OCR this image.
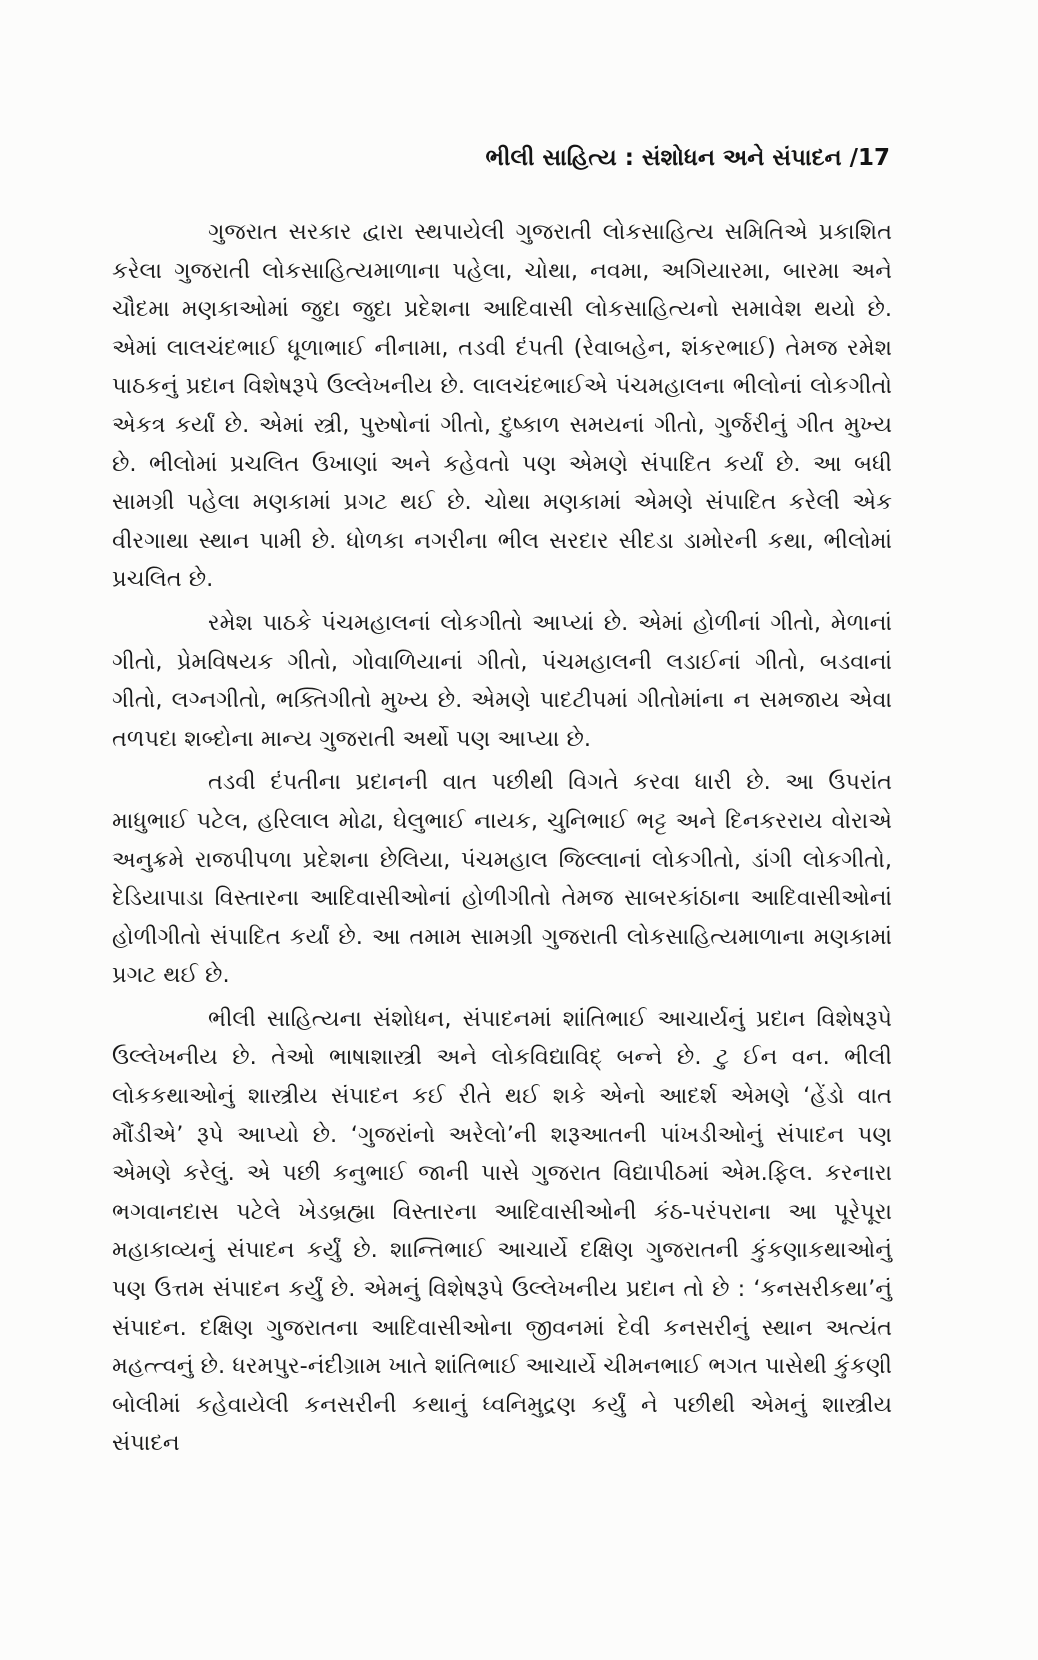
ભીલી સાહિત્ય : સંશોધન અને સંપાદન /17

ગુજરાત સરકાર દ્વારા સ્થપાયેલી ગુજરાતી લોકસાહિત્ય સમિતિએ પ્રકાશિત કરેલા ગુજરાતી લોકસાહિત્યમાળાના પહેલા, ચોથા, નવમા, અગિયારમા, બારમા અને ચૌદમા મણકાઓમાં જુદા જુદા પ્રદેશના આદિવાસી લોકસાહિત્યનો સમાવેશ થયો છે. એમાં લાલચંદભાઈ ધૂળાભાઈ નીનામા, તડવી દંપતી (રેવાબહેન, શંકરભાઈ) તેમજ રમેશ પાઠકનું પ્રદાન વિશેષરૂપે ઉલ્લેખનીય છે. લાલચંદભાઈએ પંચમહાલના ભીલોનાં લોકગીતો એકત્ર કર્યાં છે. એમાં સ્ત્રી, પુરુષોનાં ગીતો, દુષ્કાળ સમયનાં ગીતો, ગુર્જરીનું ગીત મુખ્ય છે. ભીલોમાં પ્રચલિત ઉખાણાં અને કહેવતો પણ એમણે સંપાદિત કર્યાં છે. આ બધી સામગ્રી પહેલા મણકામાં પ્રગટ થઈ છે. ચોથા મણકામાં એમણે સંપાદિત કરેલી એક વીરગાથા સ્થાન પામી છે. ધોળકા નગરીના ભીલ સરદાર સીદડા ડામોરની કથા, ભીલોમાં પ્રચલિત છે.

રમેશ પાઠકે પંચમહાલનાં લોકગીતો આપ્યાં છે. એમાં હોળીનાં ગીતો, મેળાનાં ગીતો, પ્રેમવિષયક ગીતો, ગોવાળિયાનાં ગીતો, પંચમહાલની લડાઈનાં ગીતો, બડવાનાં ગીતો, લગ્નગીતો, ભક્તિગીતો મુખ્ય છે. એમણે પાદટીપમાં ગીતોમાંના ન સમજાય એવા તળપદા શબ્દોના માન્ય ગુજરાતી અર્થો પણ આપ્યા છે.

તડવી દંપતીના પ્રદાનની વાત પછીથી વિગતે કરવા ધારી છે. આ ઉપરાંત માધુભાઈ પટેલ, હરિલાલ મોઢા, ઘેલુભાઈ નાયક, ચુનિભાઈ ભટ્ટ અને દિનકરરાય વોરાએ અનુક્રમે રાજપીપળા પ્રદેશના છેલિયા, પંચમહાલ જિલ્લાનાં લોકગીતો, ડાંગી લોકગીતો, દેડિયાપાડા વિસ્તારના આદિવાસીઓનાં હોળીગીતો તેમજ સાબરકાંઠાના આદિવાસીઓનાં હોળીગીતો સંપાદિત કર્યાં છે. આ તમામ સામગ્રી ગુજરાતી લોકસાહિત્યમાળાના મણકામાં પ્રગટ થઈ છે.

ભીલી સાહિત્યના સંશોધન, સંપાદનમાં શાંતિભાઈ આચાર્યનું પ્રદાન વિશેષરૂપે ઉલ્લેખનીય છે. તેઓ ભાષાશાસ્ત્રી અને લોકવિદ્યાવિદ્ બન્ને છે. ટુ ઈન વન. ભીલી લોકકથાઓનું શાસ્ત્રીય સંપાદન કઈ રીતે થઈ શકે એનો આદર્શ એમણે ‘હેંડો વાત મૌંડીએ’ રૂપે આપ્યો છે. ‘ગુજરાંનો અરેલો’ની શરૂઆતની પાંખડીઓનું સંપાદન પણ એમણે કરેલું. એ પછી કનુભાઈ જાની પાસે ગુજરાત વિદ્યાપીઠમાં એમ.ફિલ. કરનારા ભગવાનદાસ પટેલે ખેડબ્રહ્મા વિસ્તારના આદિવાસીઓની કંઠ-પરંપરાના આ પૂરેપૂરા મહાકાવ્યનું સંપાદન કર્યું છે. શાન્તિભાઈ આચાર્યે દક્ષિણ ગુજરાતની કુંકણાકથાઓનું પણ ઉત્તમ સંપાદન કર્યું છે. એમનું વિશેષરૂપે ઉલ્લેખનીય પ્રદાન તો છે : ‘કનસરીકથા’નું સંપાદન. દક્ષિણ ગુજરાતના આદિવાસીઓના જીવનમાં દેવી કનસરીનું સ્થાન અત્યંત મહત્ત્વનું છે. ધરમપુર-નંદીગ્રામ ખાતે શાંતિભાઈ આચાર્યે ચીમનભાઈ ભગત પાસેથી કુંકણી બોલીમાં કહેવાયેલી કનસરીની કથાનું ધ્વનિમુદ્રણ કર્યું ને પછીથી એમનું શાસ્ત્રીય સંપાદન
